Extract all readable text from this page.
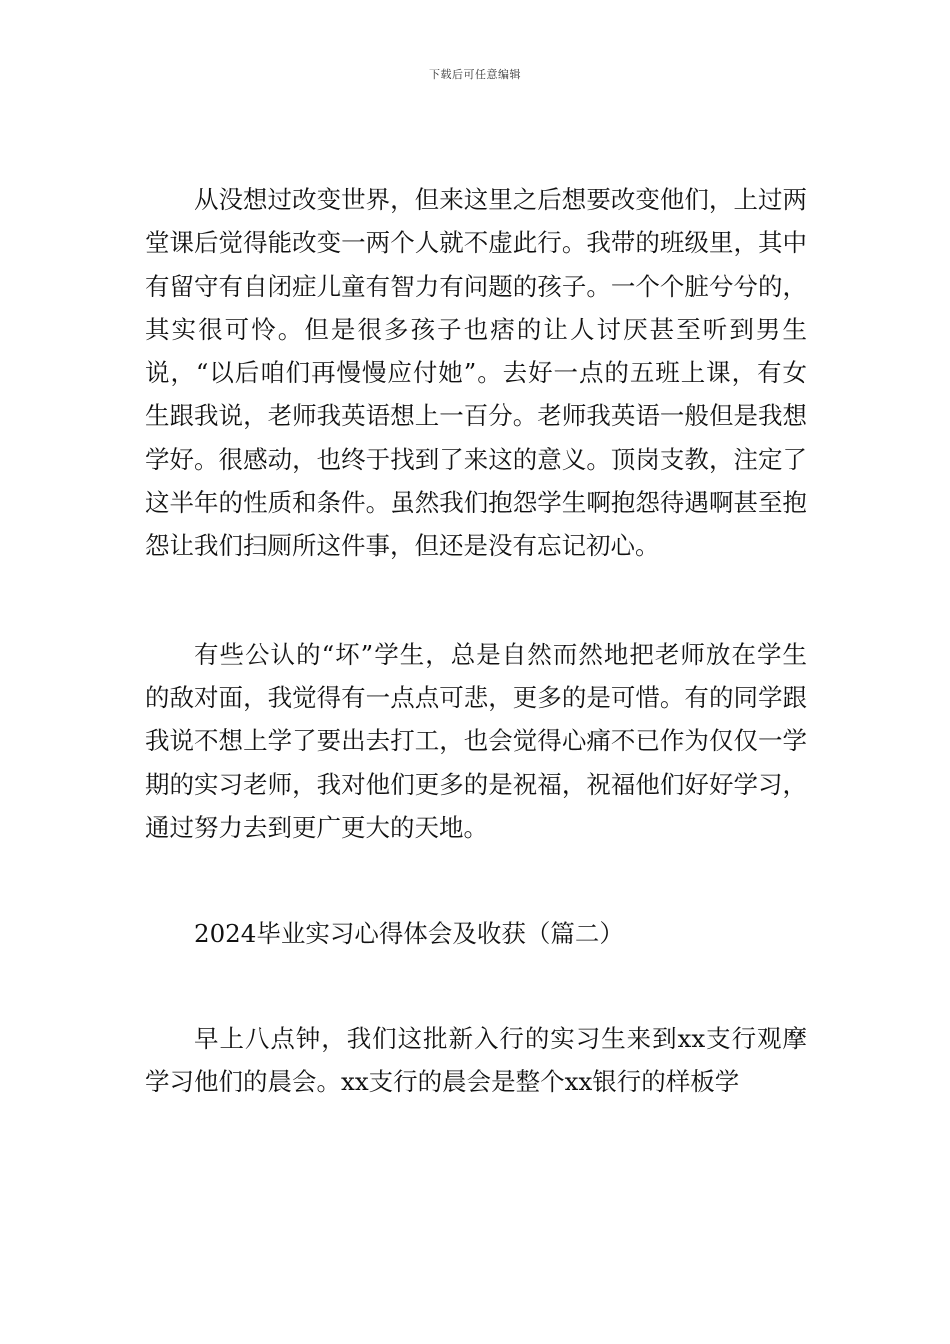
下载后可任意编辑

从没想过改变世界，但来这里之后想要改变他们，上过两堂课后觉得能改变一两个人就不虚此行。我带的班级里，其中有留守有自闭症儿童有智力有问题的孩子。一个个脏兮兮的，其实很可怜。但是很多孩子也痞的让人讨厌甚至听到男生说，“以后咱们再慢慢应付她”。去好一点的五班上课，有女生跟我说，老师我英语想上一百分。老师我英语一般但是我想学好。很感动，也终于找到了来这的意义。顶岗支教，注定了这半年的性质和条件。虽然我们抱怨学生啊抱怨待遇啊甚至抱怨让我们扫厕所这件事，但还是没有忘记初心。

有些公认的“坏”学生，总是自然而然地把老师放在学生的敌对面，我觉得有一点点可悲，更多的是可惜。有的同学跟我说不想上学了要出去打工，也会觉得心痛不已作为仅仅一学期的实习老师，我对他们更多的是祝福，祝福他们好好学习，通过努力去到更广更大的天地。

2024毕业实习心得体会及收获（篇二）

早上八点钟，我们这批新入行的实习生来到xx支行观摩学习他们的晨会。xx支行的晨会是整个xx银行的样板学
